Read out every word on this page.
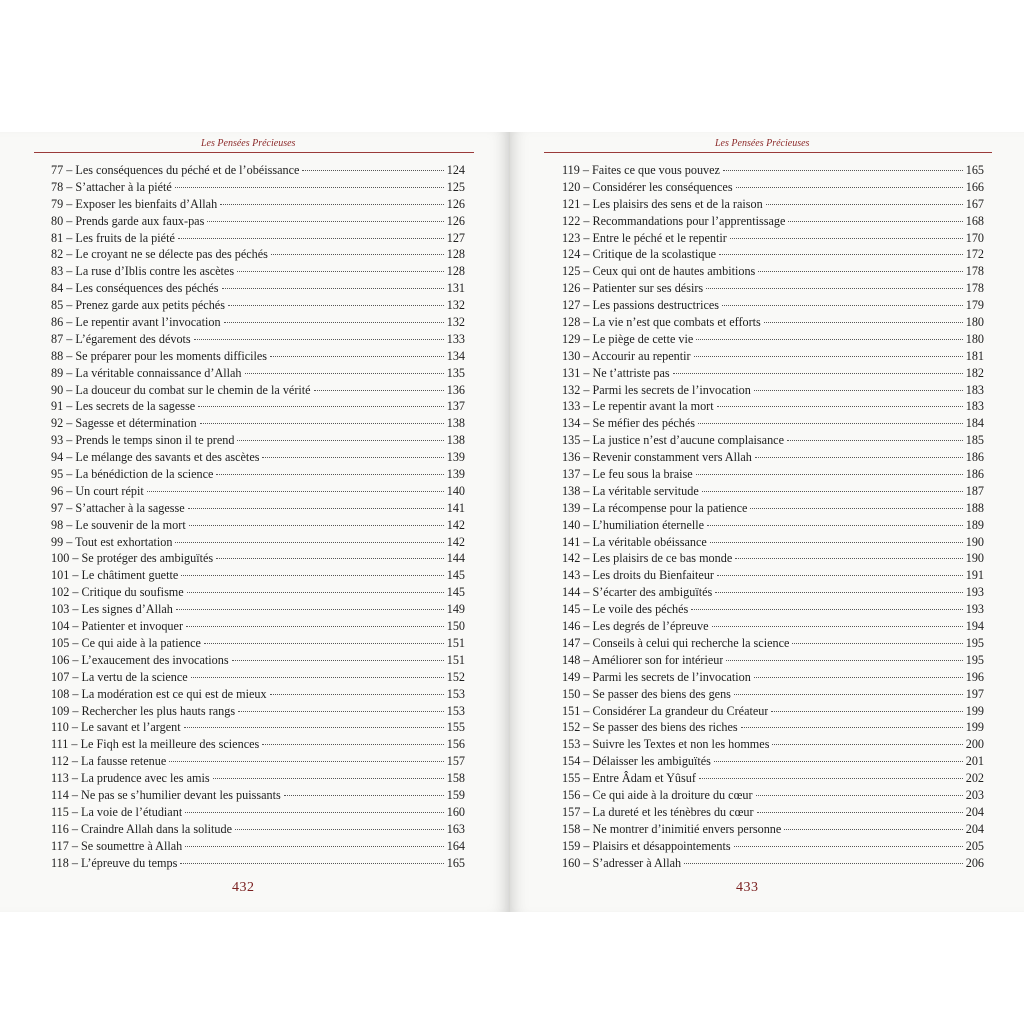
Les Pensées Précieuses
77 – Les conséquences du péché et de l’obéissance	124
78 – S’attacher à la piété	125
79 – Exposer les bienfaits d’Allah	126
80 – Prends garde aux faux-pas	126
81 – Les fruits de la piété	127
82 – Le croyant ne se délecte pas des péchés	128
83 – La ruse d’Iblis contre les ascètes	128
84 – Les conséquences des péchés	131
85 – Prenez garde aux petits péchés	132
86 – Le repentir avant l’invocation	132
87 – L’égarement des dévots	133
88 – Se préparer pour les moments difficiles	134
89 – La véritable connaissance d’Allah	135
90 – La douceur du combat sur le chemin de la vérité	136
91 – Les secrets de la sagesse	137
92 – Sagesse et détermination	138
93 – Prends le temps sinon il te prend	138
94 – Le mélange des savants et des ascètes	139
95 – La bénédiction de la science	139
96 – Un court répit	140
97 – S’attacher à la sagesse	141
98 – Le souvenir de la mort	142
99 – Tout est exhortation	142
100 – Se protéger des ambiguïtés	144
101 – Le châtiment guette	145
102 – Critique du soufisme	145
103 – Les signes d’Allah	149
104 – Patienter et invoquer	150
105 – Ce qui aide à la patience	151
106 – L’exaucement des invocations	151
107 – La vertu de la science	152
108 – La modération est ce qui est de mieux	153
109 – Rechercher les plus hauts rangs	153
110 – Le savant et l’argent	155
111 – Le Fiqh est la meilleure des sciences	156
112 – La fausse retenue	157
113 – La prudence avec les amis	158
114 – Ne pas se s’humilier devant les puissants	159
115 – La voie de l’étudiant	160
116 – Craindre Allah dans la solitude	163
117 – Se soumettre à Allah	164
118 – L’épreuve du temps	165
432
Les Pensées Précieuses
119 – Faites ce que vous pouvez	165
120 – Considérer les conséquences	166
121 – Les plaisirs des sens et de la raison	167
122 – Recommandations pour l’apprentissage	168
123 – Entre le péché et le repentir	170
124 – Critique de la scolastique	172
125 – Ceux qui ont de hautes ambitions	178
126 – Patienter sur ses désirs	178
127 – Les passions destructrices	179
128 – La vie n’est que combats et efforts	180
129 – Le piège de cette vie	180
130 – Accourir au repentir	181
131 – Ne t’attriste pas	182
132 – Parmi les secrets de l’invocation	183
133 – Le repentir avant la mort	183
134 – Se méfier des péchés	184
135 – La justice n’est d’aucune complaisance	185
136 – Revenir constamment vers Allah	186
137 – Le feu sous la braise	186
138 – La véritable servitude	187
139 – La récompense pour la patience	188
140 – L’humiliation éternelle	189
141 – La véritable obéissance	190
142 – Les plaisirs de ce bas monde	190
143 – Les droits du Bienfaiteur	191
144 – S’écarter des ambiguïtés	193
145 – Le voile des péchés	193
146 – Les degrés de l’épreuve	194
147 – Conseils à celui qui recherche la science	195
148 – Améliorer son for intérieur	195
149 – Parmi les secrets de l’invocation	196
150 – Se passer des biens des gens	197
151 – Considérer La grandeur du Créateur	199
152 – Se passer des biens des riches	199
153 – Suivre les Textes et non les hommes	200
154 – Délaisser les ambiguïtés	201
155 – Entre Âdam et Yûsuf	202
156 – Ce qui aide à la droiture du cœur	203
157 – La dureté et les ténèbres du cœur	204
158 – Ne montrer d’inimitié envers personne	204
159 – Plaisirs et désappointements	205
160 – S’adresser à Allah	206
433
